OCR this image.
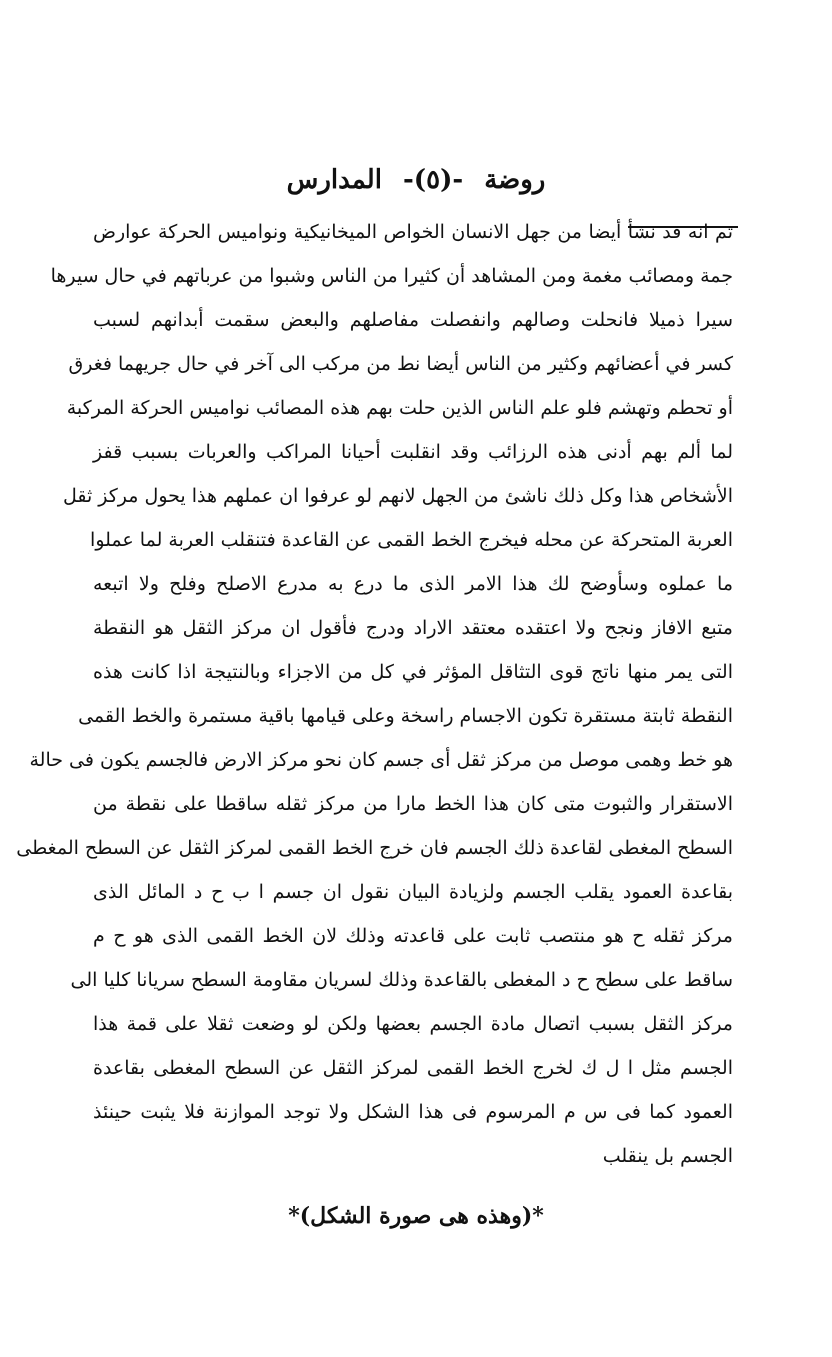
روضة -(٥)- المدارس
ثم انه قد نشأ أيضا من جهل الانسان الخواص الميخانيكية ونواميس الحركة عوارض
جمة ومصائب مغمة ومن المشاهد أن كثيرا من الناس وشبوا من عرباتهم في حال سيرها
سيرا ذميلا فانحلت وصالهم وانفصلت مفاصلهم والبعض سقمت أبدانهم لسبب
كسر في أعضائهم وكثير من الناس أيضا نط من مركب الى آخر في حال جريهما فغرق
أو تحطم وتهشم فلو علم الناس الذين حلت بهم هذه المصائب نواميس الحركة المركبة
لما ألم بهم أدنى هذه الرزائب وقد انقلبت أحيانا المراكب والعربات بسبب قفز
الأشخاص هذا وكل ذلك ناشئ من الجهل لانهم لو عرفوا ان عملهم هذا يحول مركز ثقل
العربة المتحركة عن محله فيخرج الخط القمى عن القاعدة فتنقلب العربة لما عملوا
ما عملوه وسأوضح لك هذا الامر الذى ما درع به مدرع الاصلح وفلح ولا اتبعه
متبع الافاز ونجح ولا اعتقده معتقد الاراد ودرج فأقول ان مركز الثقل هو النقطة
التى يمر منها ناتج قوى التثاقل المؤثر في كل من الاجزاء وبالنتيجة اذا كانت هذه
النقطة ثابتة مستقرة تكون الاجسام راسخة وعلى قيامها باقية مستمرة والخط القمى
هو خط وهمى موصل من مركز ثقل أى جسم كان نحو مركز الارض فالجسم يكون فى حالة
الاستقرار والثبوت متى كان هذا الخط مارا من مركز ثقله ساقطا على نقطة من
السطح المغطى لقاعدة ذلك الجسم فان خرج الخط القمى لمركز الثقل عن السطح المغطى
بقاعدة العمود يقلب الجسم ولزيادة البيان نقول ان جسم ا ب ح د المائل الذى
مركز ثقله ح هو منتصب ثابت على قاعدته وذلك لان الخط القمى الذى هو ح م
ساقط على سطح ح د المغطى بالقاعدة وذلك لسريان مقاومة السطح سريانا كليا الى
مركز الثقل بسبب اتصال مادة الجسم بعضها ولكن لو وضعت ثقلا على قمة هذا
الجسم مثل ا ل ك لخرج الخط القمى لمركز الثقل عن السطح المغطى بقاعدة
العمود كما فى س م المرسوم فى هذا الشكل ولا توجد الموازنة فلا يثبت حينئذ
الجسم بل ينقلب
*(وهذه هى صورة الشكل)*
